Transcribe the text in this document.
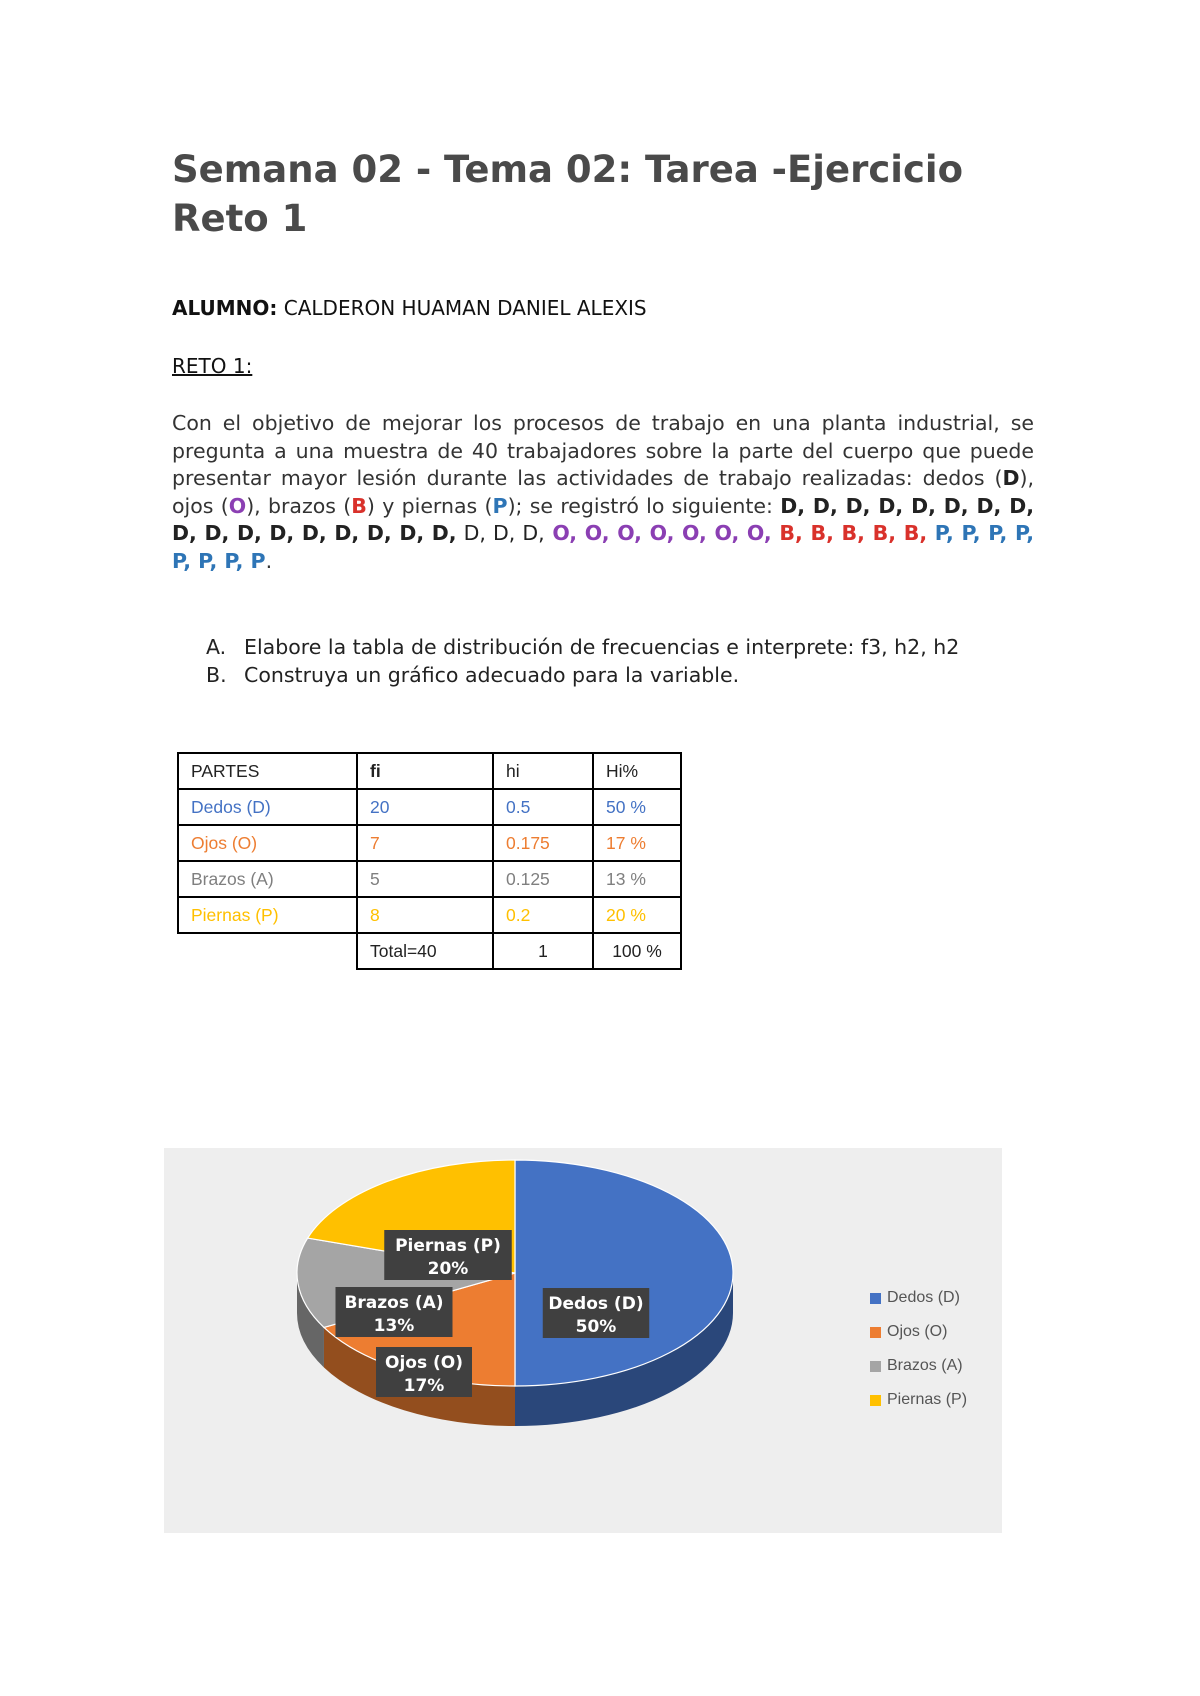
Semana 02 - Tema 02: Tarea -Ejercicio Reto 1
ALUMNO: CALDERON HUAMAN DANIEL ALEXIS
RETO 1:

Con el objetivo de mejorar los procesos de trabajo en una planta industrial, se pregunta a una muestra de 40 trabajadores sobre la parte del cuerpo que puede presentar mayor lesión durante las actividades de trabajo realizadas: dedos (D), ojos (O), brazos (B) y piernas (P); se registró lo siguiente: D, D, D, D, D, D, D, D, D, D, D, D, D, D, D, D, D, D, D, D, O, O, O, O, O, O, O, B, B, B, B, B, P, P, P, P, P, P, P, P.

A. Elabore la tabla de distribución de frecuencias e interprete: f3, h2, h2
B. Construya un gráfico adecuado para la variable.
PARTES	fi	hi	Hi%
Dedos (D)	20	0.5	50 %
Ojos (O)	7	0.175	17 %
Brazos (A)	5	0.125	13 %
Piernas (P)	8	0.2	20 %
	Total=40	1	100 %
Dedos (D)
50%
Ojos (O)
17%
Brazos (A)
13%
Piernas (P)
20%
Dedos (D)
Ojos (O)
Brazos (A)
Piernas (P)
